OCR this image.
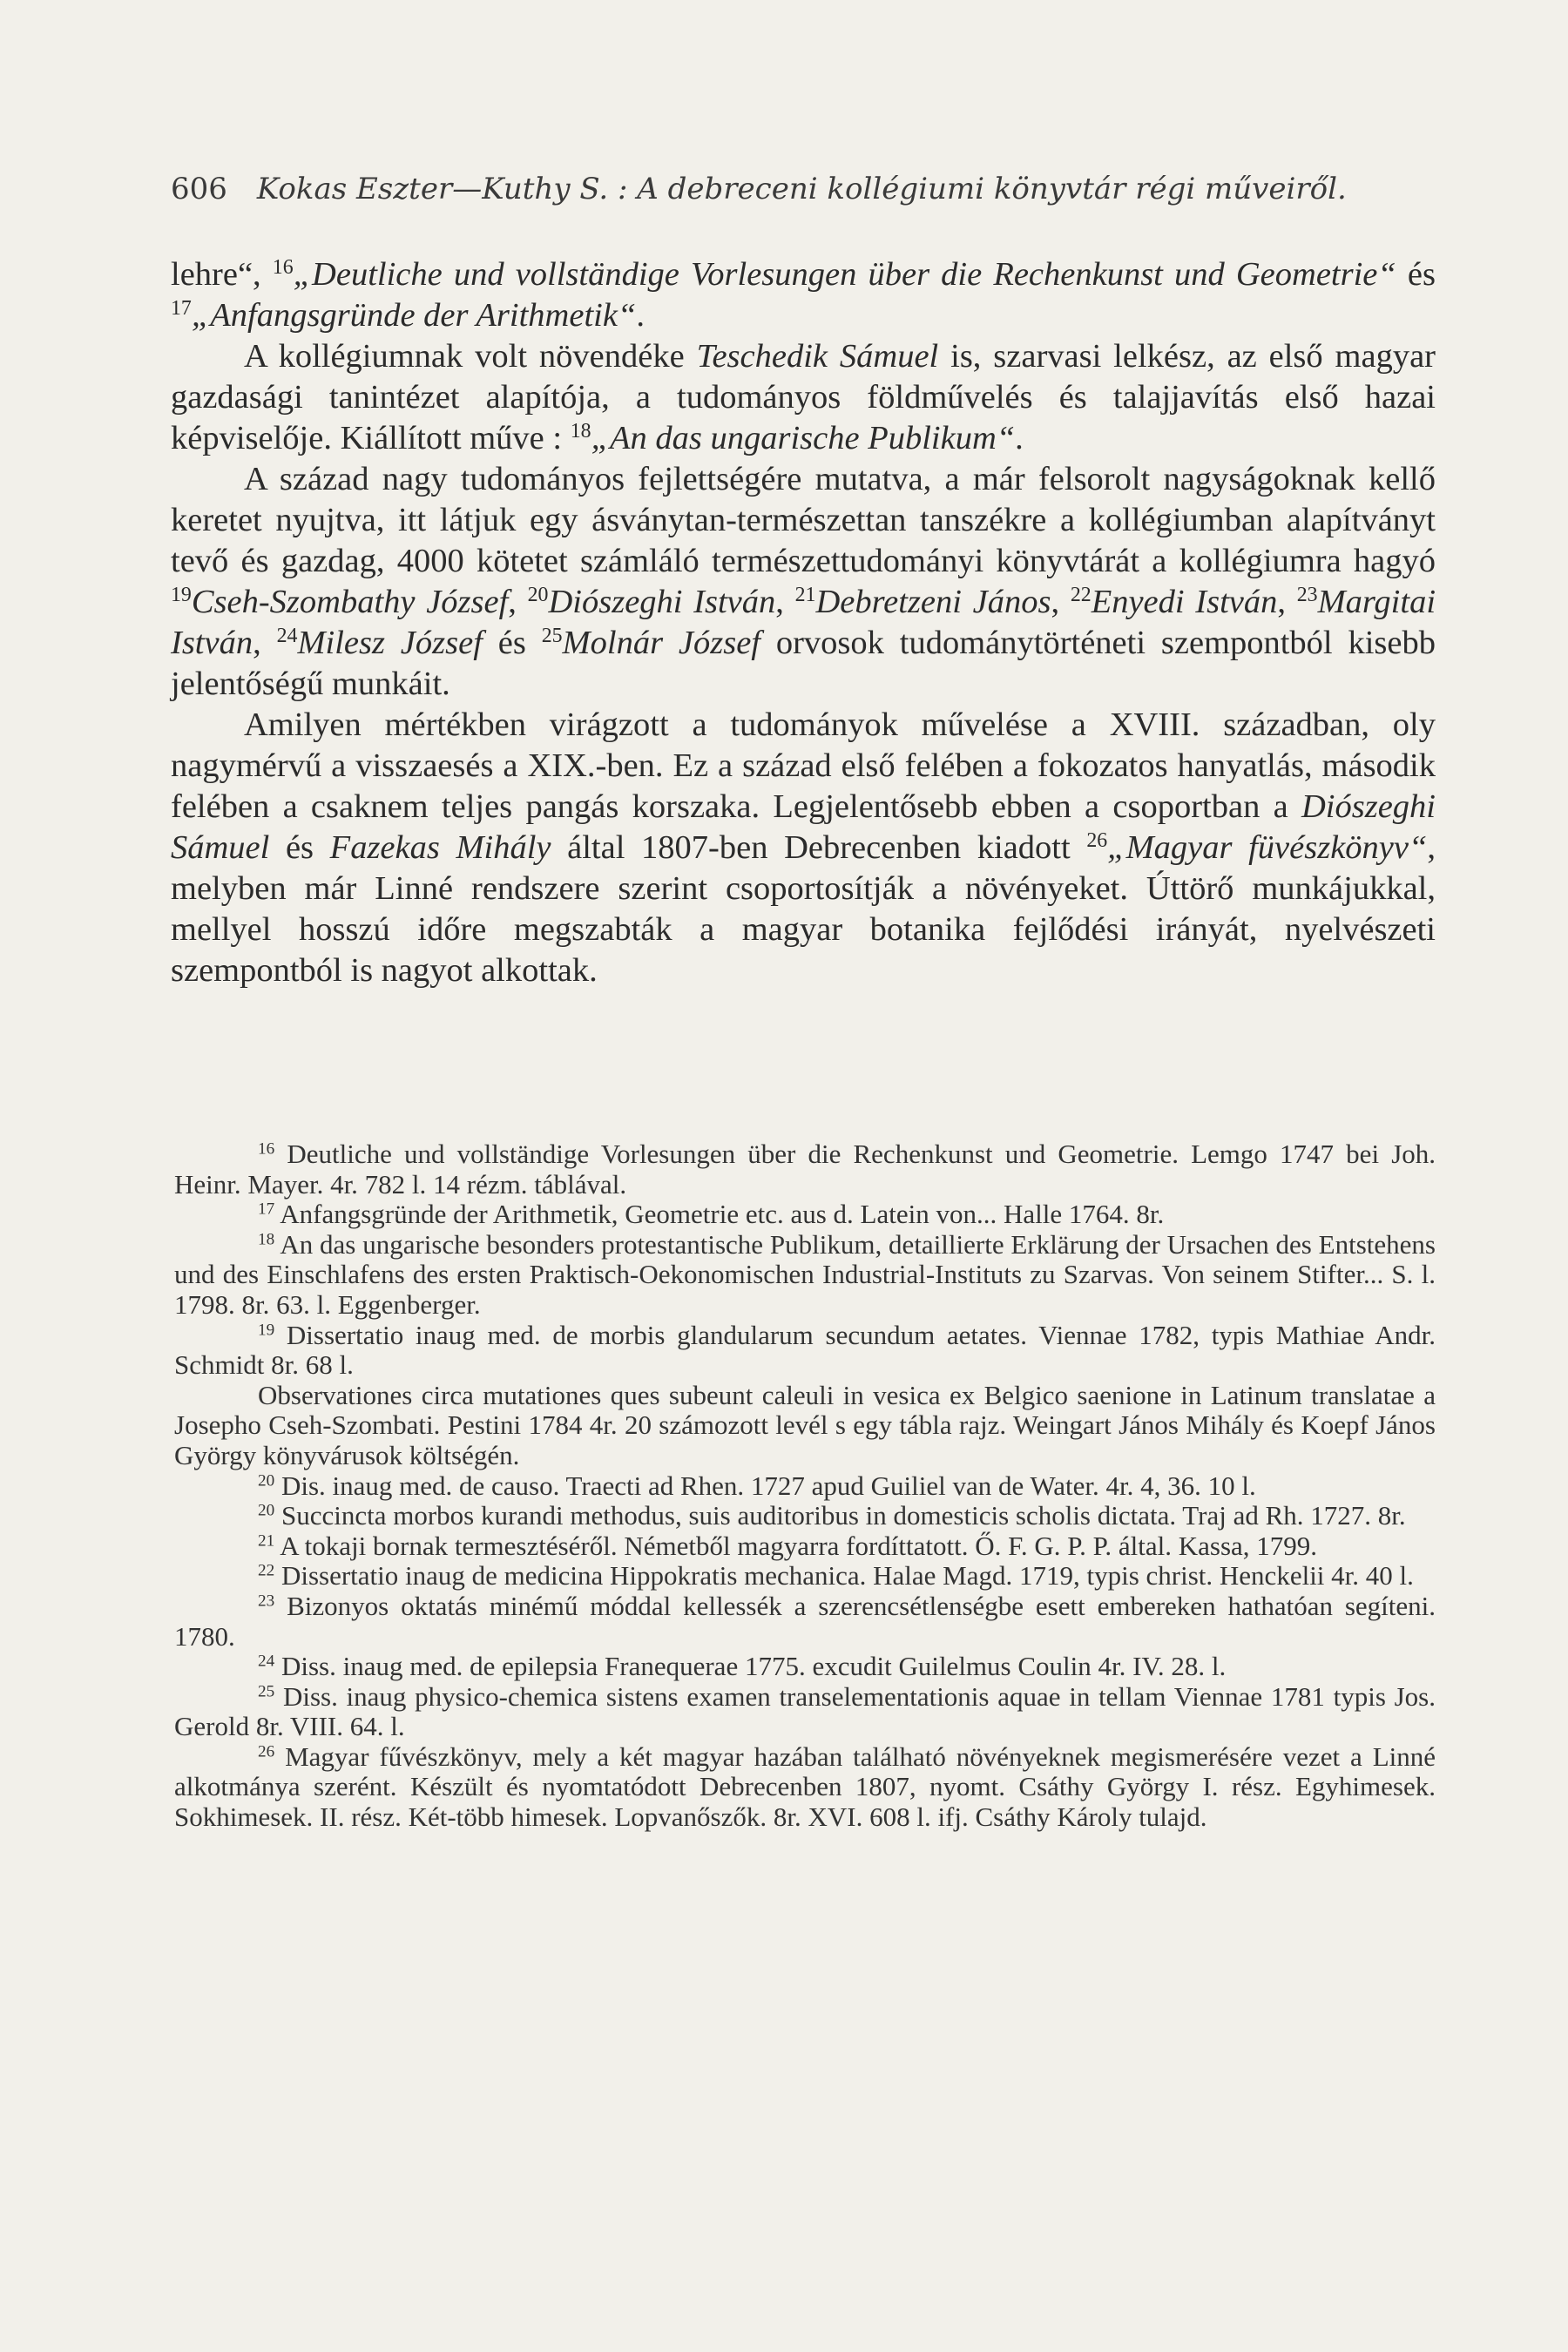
606 Kokas Eszter—Kuthy S. : A debreceni kollégiumi könyvtár régi műveiről.

lehre“, $^{16}$„Deutliche und vollständige Vorlesungen über die Rechenkunst und Geometrie“ és $^{17}$„Anfangsgründe der Arithmetik“.

A kollégiumnak volt növendéke Teschedik Sámuel is, szarvasi lelkész, az első magyar gazdasági tanintézet alapítója, a tudományos földművelés és talajjavítás első hazai képviselője. Kiállított műve : $^{18}$„An das ungarische Publikum“.

A század nagy tudományos fejlettségére mutatva, a már felsorolt nagyságoknak kellő keretet nyujtva, itt látjuk egy ásványtan-természettan tanszékre a kollégiumban alapítványt tevő és gazdag, 4000 kötetet számláló természettudományi könyvtárát a kollégiumra hagyó $^{19}$Cseh-Szombathy József, $^{20}$Diószeghi István, $^{21}$Debretzeni János, $^{22}$Enyedi István, $^{23}$Margitai István, $^{24}$Milesz József és $^{25}$Molnár József orvosok tudománytörténeti szempontból kisebb jelentőségű munkáit.

Amilyen mértékben virágzott a tudományok művelése a XVIII. században, oly nagymérvű a visszaesés a XIX.-ben. Ez a század első felében a fokozatos hanyatlás, második felében a csaknem teljes pangás korszaka. Legjelentősebb ebben a csoportban a Diószeghi Sámuel és Fazekas Mihály által 1807-ben Debrecenben kiadott $^{26}$„Magyar füvészkönyv“, melyben már Linné rendszere szerint csoportosítják a növényeket. Úttörő munkájukkal, mellyel hosszú időre megszabták a magyar botanika fejlődési irányát, nyelvészeti szempontból is nagyot alkottak.

$^{16}$ Deutliche und vollständige Vorlesungen über die Rechenkunst und Geometrie. Lemgo 1747 bei Joh. Heinr. Mayer. 4r. 782 l. 14 rézm. táblával.

$^{17}$ Anfangsgründe der Arithmetik, Geometrie etc. aus d. Latein von... Halle 1764. 8r.

$^{18}$ An das ungarische besonders protestantische Publikum, detaillierte Erklärung der Ursachen des Entstehens und des Einschlafens des ersten Praktisch-Oekonomischen Industrial-Instituts zu Szarvas. Von seinem Stifter... S. l. 1798. 8r. 63. l. Eggenberger.

$^{19}$ Dissertatio inaug med. de morbis glandularum secundum aetates. Viennae 1782, typis Mathiae Andr. Schmidt 8r. 68 l.

Observationes circa mutationes ques subeunt caleuli in vesica ex Belgico saenione in Latinum translatae a Josepho Cseh-Szombati. Pestini 1784 4r. 20 számozott levél s egy tábla rajz. Weingart János Mihály és Koepf János György könyvárusok költségén.

$^{20}$ Dis. inaug med. de causo. Traecti ad Rhen. 1727 apud Guiliel van de Water. 4r. 4, 36. 10 l.

$^{20}$ Succincta morbos kurandi methodus, suis auditoribus in domesticis scholis dictata. Traj ad Rh. 1727. 8r.

$^{21}$ A tokaji bornak termesztéséről. Németből magyarra fordíttatott. Ő. F. G. P. P. által. Kassa, 1799.

$^{22}$ Dissertatio inaug de medicina Hippokratis mechanica. Halae Magd. 1719, typis christ. Henckelii 4r. 40 l.

$^{23}$ Bizonyos oktatás minémű móddal kellessék a szerencsétlenségbe esett embereken hathatóan segíteni. 1780.

$^{24}$ Diss. inaug med. de epilepsia Franequerae 1775. excudit Guilelmus Coulin 4r. IV. 28. l.

$^{25}$ Diss. inaug physico-chemica sistens examen transelementationis aquae in tellam Viennae 1781 typis Jos. Gerold 8r. VIII. 64. l.

$^{26}$ Magyar fűvészkönyv, mely a két magyar hazában található növényeknek megismerésére vezet a Linné alkotmánya szerént. Készült és nyomtatódott Debrecenben 1807, nyomt. Csáthy György I. rész. Egyhimesek. Sokhimesek. II. rész. Két-több himesek. Lopvanőszők. 8r. XVI. 608 l. ifj. Csáthy Károly tulajd.
